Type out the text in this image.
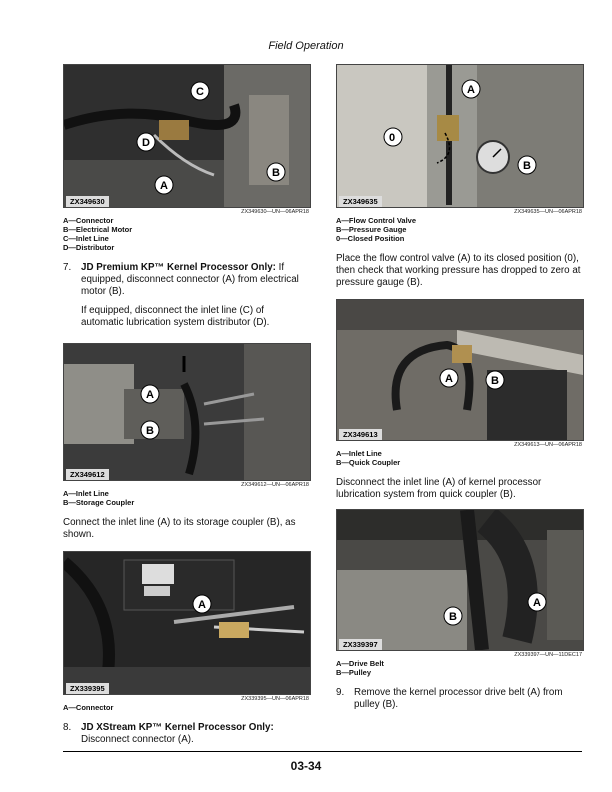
Field Operation
C
D
A
B
ZX349630
ZX349630—UN—06APR18
A—Connector
B—Electrical Motor
C—Inlet Line
D—Distributor
7.	JD Premium KP™ Kernel Processor Only: If equipped, disconnect connector (A) from electrical motor (B).
If equipped, disconnect the inlet line (C) of automatic lubrication system distributor (D).
A
B
ZX349612
ZX349612—UN—06APR18
A—Inlet Line
B—Storage Coupler
Connect the inlet line (A) to its storage coupler (B), as shown.
A
ZX339395
ZX339395—UN—06APR18
A—Connector
8.	JD XStream KP™ Kernel Processor Only: Disconnect connector (A).
A
0
B
ZX349635
ZX349635—UN—06APR18
A—Flow Control Valve
B—Pressure Gauge
0—Closed Position
Place the flow control valve (A) to its closed position (0), then check that working pressure has dropped to zero at pressure gauge (B).
A	B
ZX349613
ZX349613—UN—06APR18
A—Inlet Line
B—Quick Coupler
Disconnect the inlet line (A) of kernel processor lubrication system from quick coupler (B).
A
B
ZX339397
ZX339397—UN—11DEC17
A—Drive Belt
B—Pulley
9.	Remove the kernel processor drive belt (A) from pulley (B).
03-34
